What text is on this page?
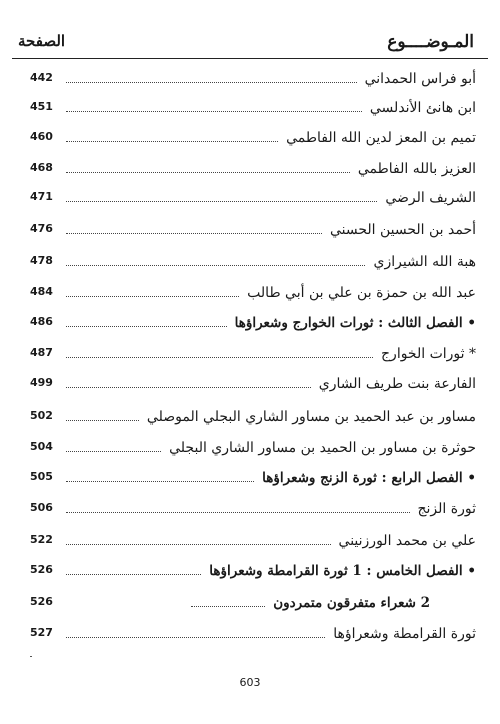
المـوضــــوع
الصفحة
أبو فراس الحمداني
442
ابن هانئ الأندلسي
451
تميم بن المعز لدين الله الفاطمي
460
العزيز بالله الفاطمي
468
الشريف الرضي
471
أحمد بن الحسين الحسني
476
هبة الله الشيرازي
478
عبد الله بن حمزة بن علي بن أبي طالب
484
• الفصل الثالث : ثورات الخوارج وشعراؤها
486
* ثورات الخوارج
487
الفارعة بنت طريف الشاري
499
مساور بن عبد الحميد بن مساور الشاري البجلي الموصلي
502
حوثرة بن مساور بن الحميد بن مساور الشاري البجلي
504
• الفصل الرابع : ثورة الزنج وشعراؤها
505
ثورة الزنج
506
علي بن محمد الورزنيني
522
• الفصل الخامس : 1 ثورة القرامطة وشعراؤها
526
2 شعراء متفرقون متمردون
526
ثورة القرامطة وشعراؤها
527
603
